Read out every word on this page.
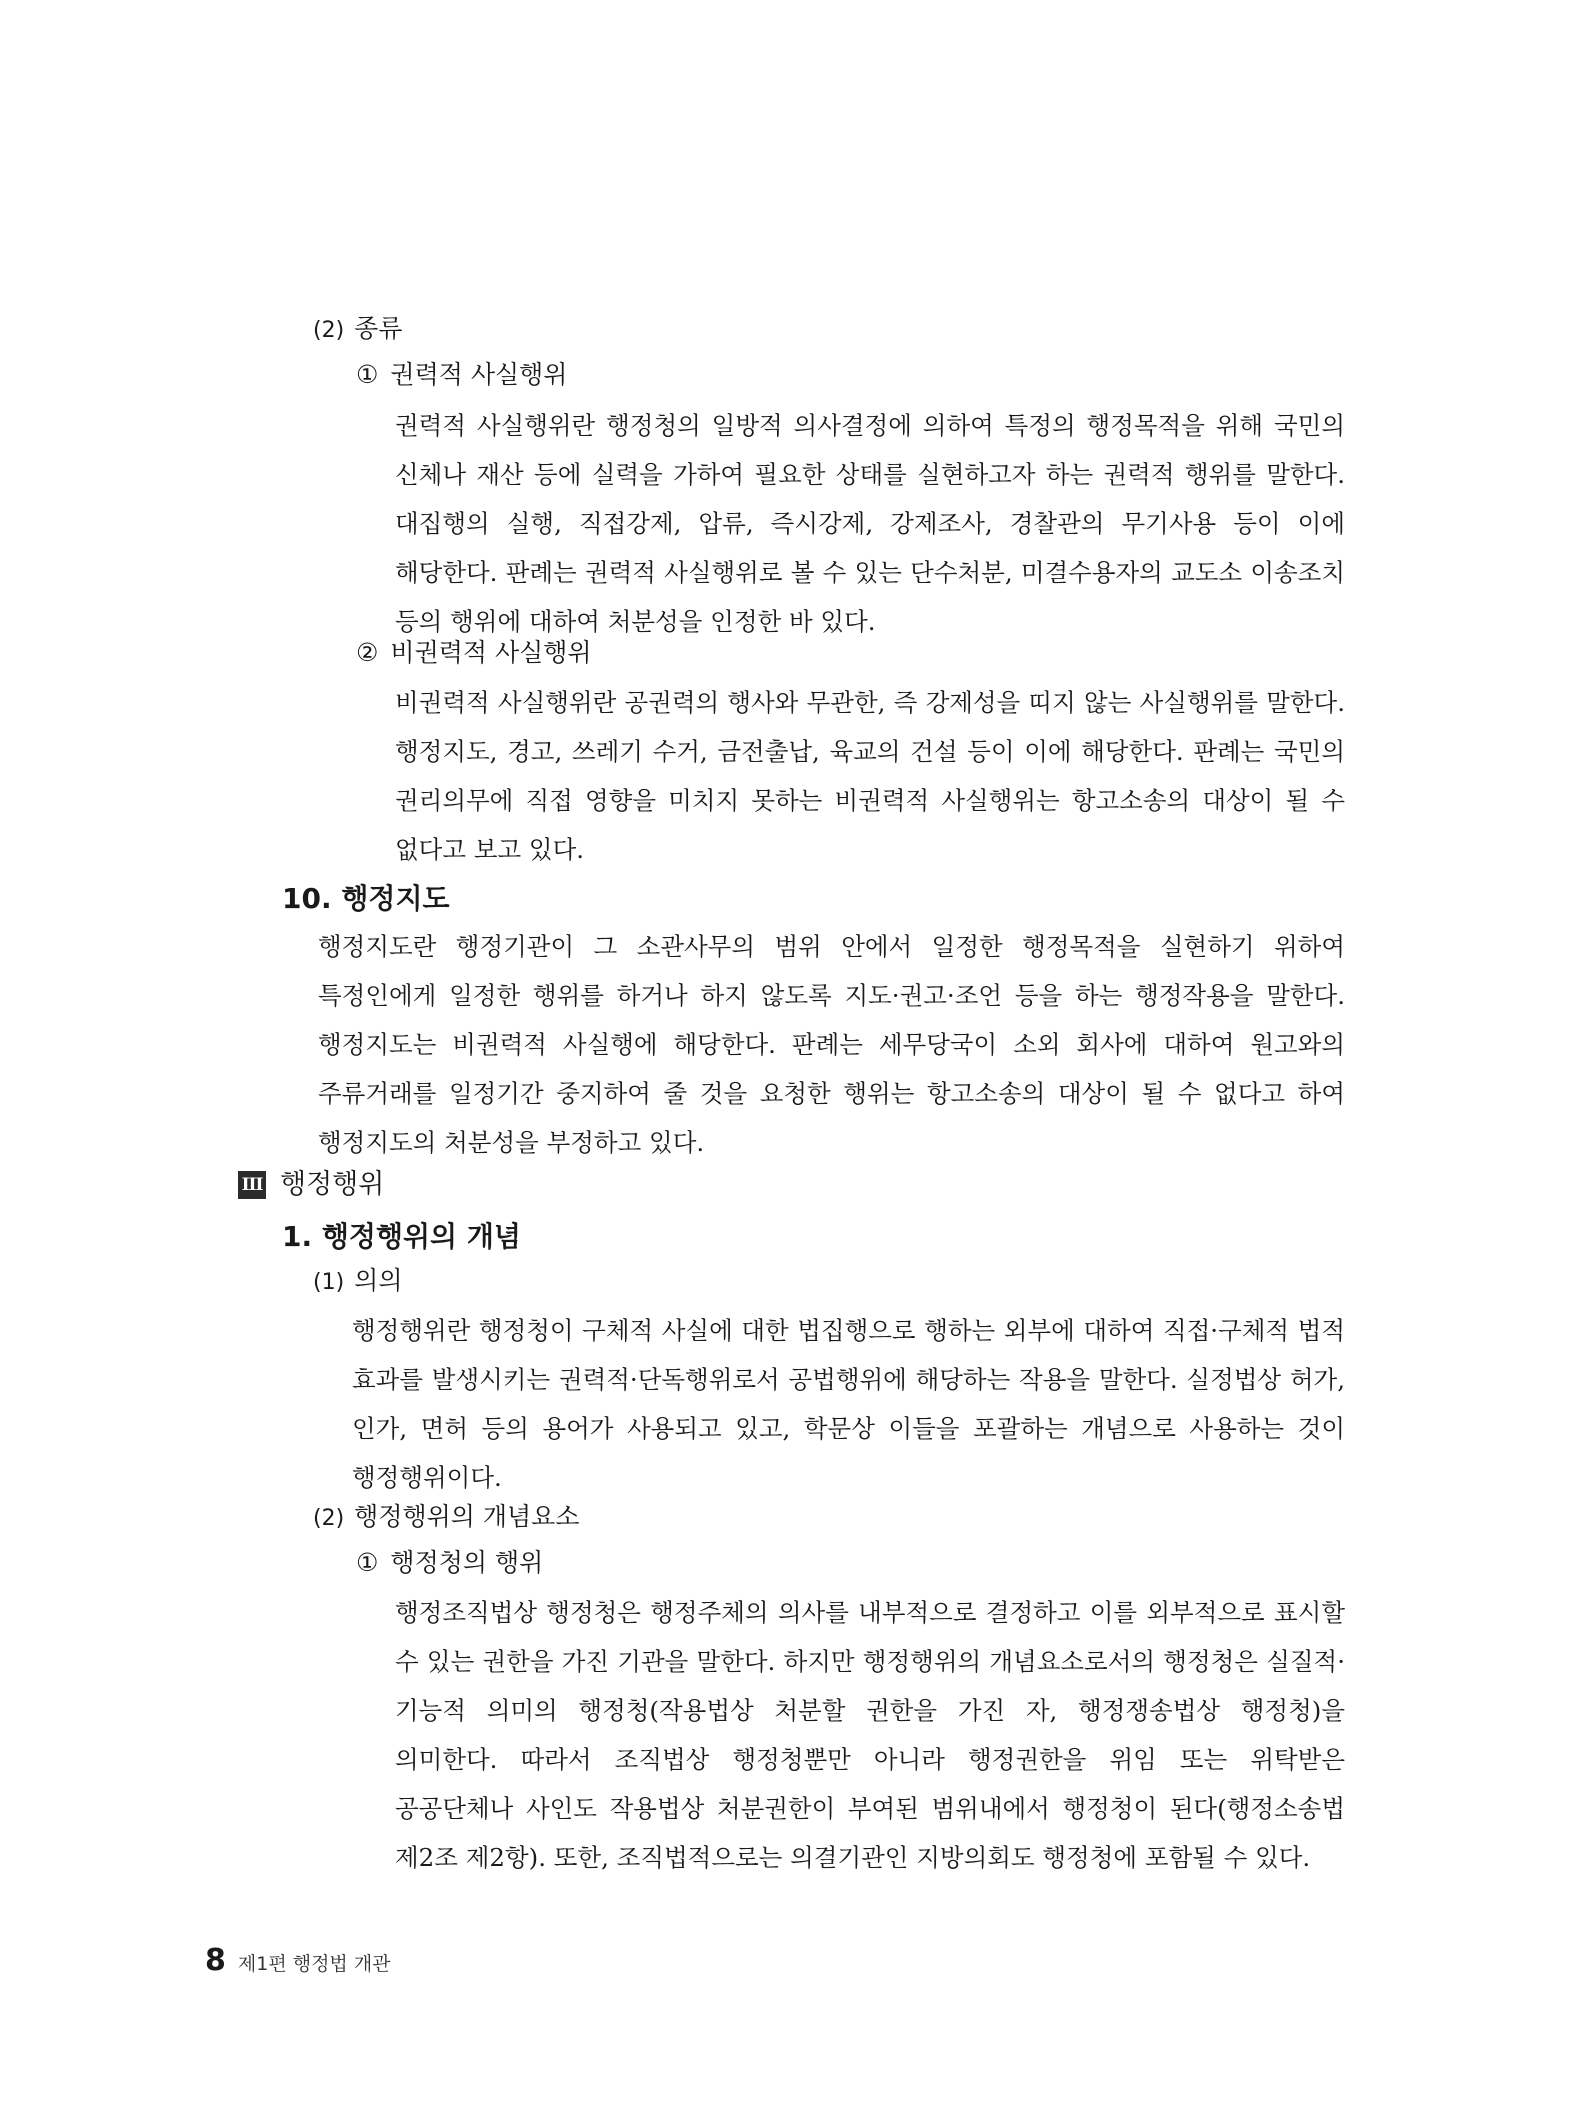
(2) 종류
① 권력적 사실행위

권력적 사실행위란 행정청의 일방적 의사결정에 의하여 특정의 행정목적을 위해 국민의 신체나 재산 등에 실력을 가하여 필요한 상태를 실현하고자 하는 권력적 행위를 말한다. 대집행의 실행, 직접강제, 압류, 즉시강제, 강제조사, 경찰관의 무기사용 등이 이에 해당한다. 판례는 권력적 사실행위로 볼 수 있는 단수처분, 미결수용자의 교도소 이송조치 등의 행위에 대하여 처분성을 인정한 바 있다.

② 비권력적 사실행위

비권력적 사실행위란 공권력의 행사와 무관한, 즉 강제성을 띠지 않는 사실행위를 말한다. 행정지도, 경고, 쓰레기 수거, 금전출납, 육교의 건설 등이 이에 해당한다. 판례는 국민의 권리의무에 직접 영향을 미치지 못하는 비권력적 사실행위는 항고소송의 대상이 될 수 없다고 보고 있다.

10. 행정지도

행정지도란 행정기관이 그 소관사무의 범위 안에서 일정한 행정목적을 실현하기 위하여 특정인에게 일정한 행위를 하거나 하지 않도록 지도·권고·조언 등을 하는 행정작용을 말한다. 행정지도는 비권력적 사실행에 해당한다. 판례는 세무당국이 소외 회사에 대하여 원고와의 주류거래를 일정기간 중지하여 줄 것을 요청한 행위는 항고소송의 대상이 될 수 없다고 하여 행정지도의 처분성을 부정하고 있다.

III 행정행위
1. 행정행위의 개념
(1) 의의

행정행위란 행정청이 구체적 사실에 대한 법집행으로 행하는 외부에 대하여 직접·구체적 법적 효과를 발생시키는 권력적·단독행위로서 공법행위에 해당하는 작용을 말한다. 실정법상 허가, 인가, 면허 등의 용어가 사용되고 있고, 학문상 이들을 포괄하는 개념으로 사용하는 것이 행정행위이다.

(2) 행정행위의 개념요소
① 행정청의 행위

행정조직법상 행정청은 행정주체의 의사를 내부적으로 결정하고 이를 외부적으로 표시할 수 있는 권한을 가진 기관을 말한다. 하지만 행정행위의 개념요소로서의 행정청은 실질적·기능적 의미의 행정청(작용법상 처분할 권한을 가진 자, 행정쟁송법상 행정청)을 의미한다. 따라서 조직법상 행정청뿐만 아니라 행정권한을 위임 또는 위탁받은 공공단체나 사인도 작용법상 처분권한이 부여된 범위내에서 행정청이 된다(행정소송법 제2조 제2항). 또한, 조직법적으로는 의결기관인 지방의회도 행정청에 포함될 수 있다.

8 제1편 행정법 개관
